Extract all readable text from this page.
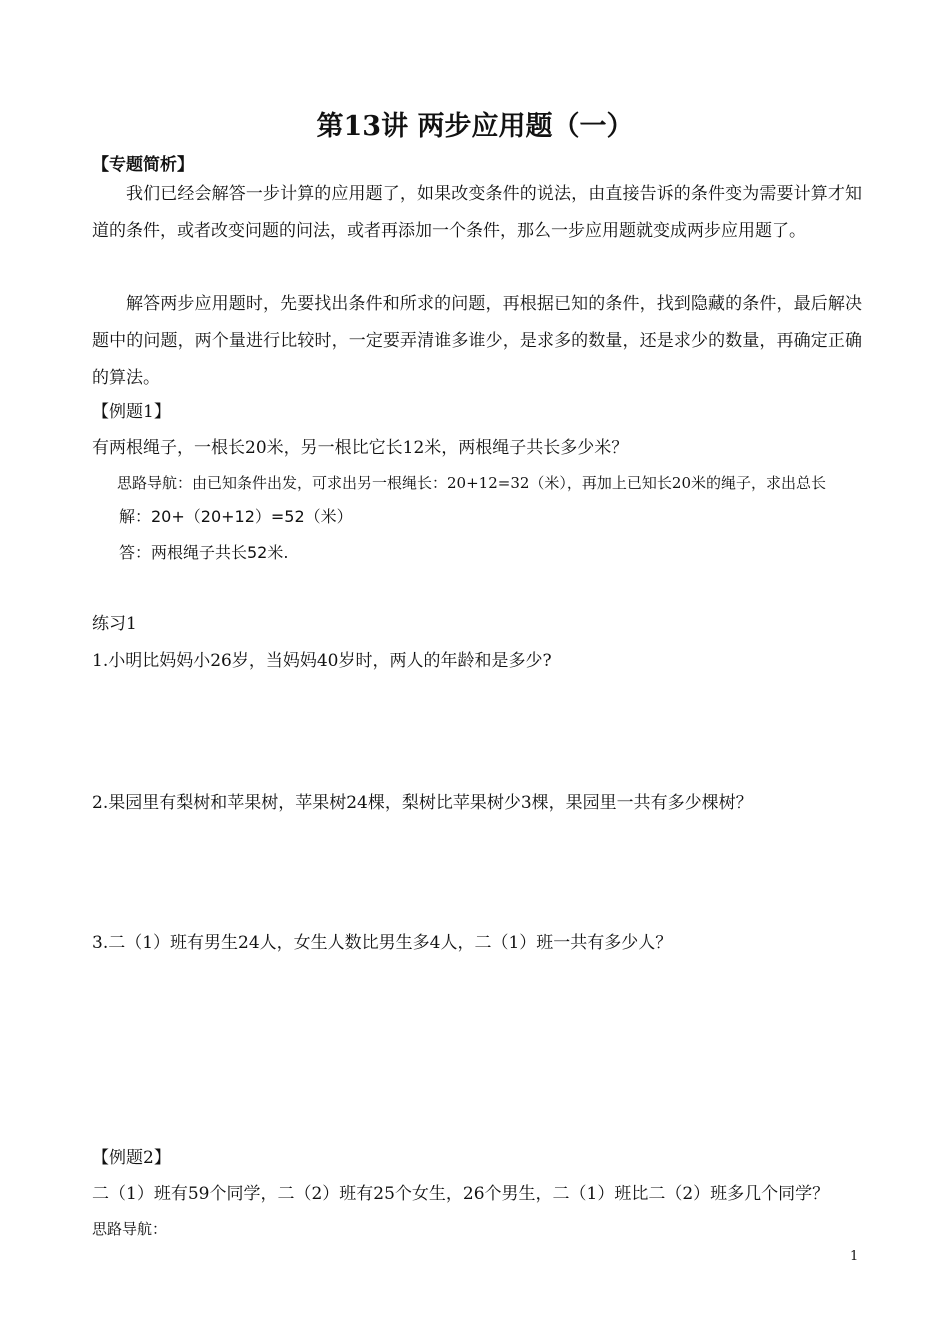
第13讲 两步应用题（一）
【专题简析】
我们已经会解答一步计算的应用题了，如果改变条件的说法，由直接告诉的条件变为需要计算才知道的条件，或者改变问题的问法，或者再添加一个条件，那么一步应用题就变成两步应用题了。
解答两步应用题时，先要找出条件和所求的问题，再根据已知的条件，找到隐藏的条件，最后解决题中的问题，两个量进行比较时，一定要弄清谁多谁少，是求多的数量，还是求少的数量，再确定正确的算法。
【例题1】
有两根绳子，一根长20米，另一根比它长12米，两根绳子共长多少米？
思路导航：由已知条件出发，可求出另一根绳长：20+12=32（米），再加上已知长20米的绳子，求出总长
解：20+（20+12）=52（米）
答：两根绳子共长52米.
练习1
1.小明比妈妈小26岁，当妈妈40岁时，两人的年龄和是多少?
2.果园里有梨树和苹果树，苹果树24棵，梨树比苹果树少3棵，果园里一共有多少棵树？
3.二（1）班有男生24人，女生人数比男生多4人，二（1）班一共有多少人？
【例题2】
二（1）班有59个同学，二（2）班有25个女生，26个男生，二（1）班比二（2）班多几个同学？
思路导航：
1
